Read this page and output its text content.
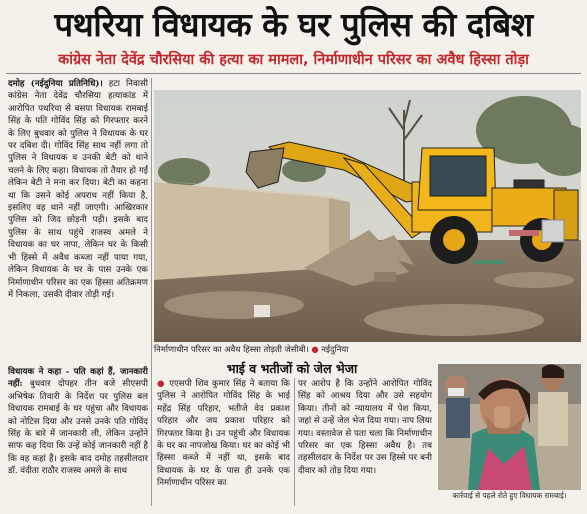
पथरिया विधायक के घर पुलिस की दबिश
कांग्रेस नेता देवेंद्र चौरसिया की हत्या का मामला, निर्माणाधीन परिसर का अवैध हिस्सा तोड़ा

दमोह (नईदुनिया प्रतिनिधि)। हटा निवासी कांग्रेस नेता देवेंद्र चौरसिया हत्याकांड में आरोपित पथरिया से बसपा विधायक रामबाई सिंह के पति गोविंद सिंह को गिरफ्तार करने के लिए बुधवार को पुलिस ने विधायक के घर पर दबिश दी। गोविंद सिंह साथ नहीं लगा तो पुलिस ने विधायक व उनकी बेटी को थाने चलने के लिए कहा। विधायक तो तैयार हो गईं लेकिन बेटी ने मना कर दिया। बेटी का कहना था कि उसने कोई अपराध नहीं किया है, इसलिए वह थाने नहीं जाएगी। आखिरकार पुलिस को जिद छोड़नी पड़ी। इसके बाद पुलिस के साथ पहुंचे राजस्व अमले ने विधायक का घर नापा, लेकिन घर के किसी भी हिस्से में अवैध कब्जा नहीं पाया गया, लेकिन विधायक के घर के पास उनके एक निर्माणाधीन परिसर का एक हिस्सा अतिक्रमण में निकला, उसकी दीवार तोड़ी गई।

निर्माणाधीन परिसर का अवैध हिस्सा तोड़ती जेसीबी। ● नईदुनिया
भाई व भतीजों को जेल भेजा

विधायक ने कहा - पति कहां हैं, जानकारी नहीं: बुधवार दोपहर तीन बजे सीएसपी अभिषेक तिवारी के निर्देश पर पुलिस बल विधायक रामबाई के घर पहुंचा और विधायक को नोटिस दिया और उनसे उनके पति गोविंद सिंह के बारे में जानकारी ली, लेकिन उन्होंने साफ कह दिया कि उन्हें कोई जानकारी नहीं है कि वह कहां हैं। इसके बाद दमोह तहसीलदार डॉ. वंदीता राठौर राजस्व अमले के साथ

● एएसपी शिव कुमार सिंह ने बताया कि पुलिस ने आरोपित गोविंद सिंह के भाई महेंद्र सिंह परिहार, भतीजे वेद प्रकाश परिहार और जय प्रकाश परिहार को गिरफ्तार किया है। उन पहुंची और विधायक के घर का नापजोख किया। घर का कोई भी हिस्सा कब्जे में नहीं था, इसके बाद विधायक के घर के पास ही उनके एक निर्माणाधीन परिसर का

पर आरोप है कि उन्होंने आरोपित गोविंद सिंह को आश्रय दिया और उसे सहयोग किया। तीनों को न्यायालय में पेश किया, जहां से उन्हें जेल भेज दिया गया। नाप लिया गया। वस्तावेज से पता चला कि निर्माणाधीन परिसर का एक हिस्सा अवैध है। तब तहसीलदार के निर्देश पर उस हिस्से पर बनी दीवार को तोड़ दिया गया।

कार्रवाई से पहले रोते हुए विधायक रामबाई।
